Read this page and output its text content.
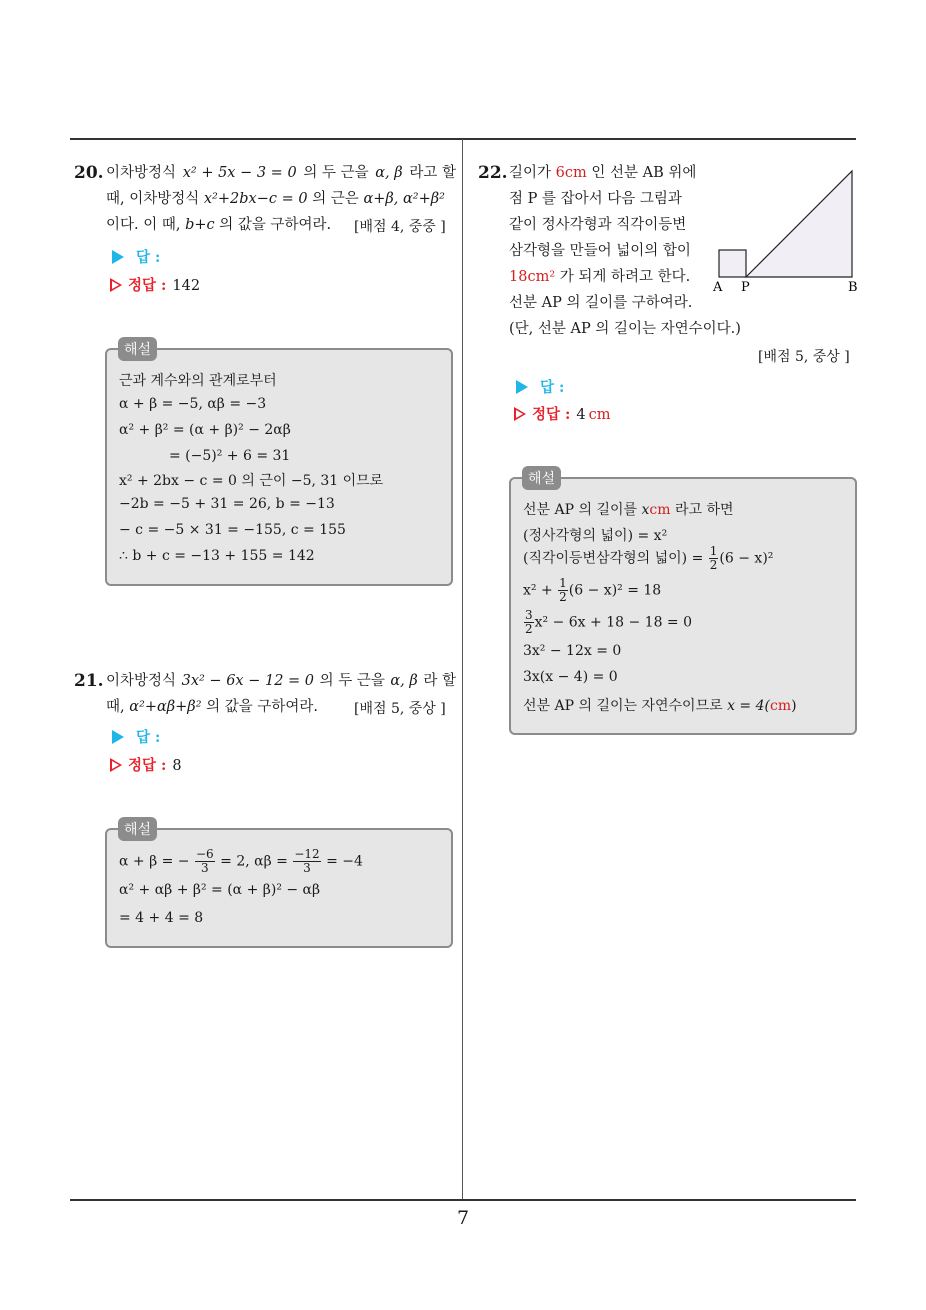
7
20. 이차방정식 x² + 5x − 3 = 0 의 두 근을 α, β 라고 할
때, 이차방정식 x²+2bx−c = 0 의 근은 α+β, α²+β²
이다. 이 때, b+c 의 값을 구하여라.	[배점 4, 중중 ]
답 :
정답 : 142
근과 계수와의 관계로부터
α + β = −5, αβ = −3
α² + β² = (α + β)² − 2αβ
= (−5)² + 6 = 31
x² + 2bx − c = 0 의 근이 −5, 31 이므로
−2b = −5 + 31 = 26, b = −13
− c = −5 × 31 = −155, c = 155
∴ b + c = −13 + 155 = 142
해설
21. 이차방정식 3x² − 6x − 12 = 0 의 두 근을 α, β 라 할
때, α²+αβ+β² 의 값을 구하여라.	[배점 5, 중상 ]
답 :
정답 : 8
α + β = − $\frac{-6}{3} = 2$, $\alpha\beta = \frac{-12}{3} = -4$
α² + αβ + β² = (α + β)² − αβ
= 4 + 4 = 8
해설
22. 길이가 6cm 인 선분 AB 위에
점 P 를 잡아서 다음 그림과
같이 정사각형과 직각이등변
삼각형을 만들어 넓이의 합이
18cm² 가 되게 하려고 한다.
선분 AP 의 길이를 구하여라.
(단, 선분 AP 의 길이는 자연수이다.)
A P	B
[배점 5, 중상 ]
답 :
정답 : 4 cm
선분 AP 의 길이를 xcm 라고 하면
(정사각형의 넓이) = x²
(직각이등변삼각형의 넓이) = $\frac{1}{2} (6 - x)^2$
$x^2 + \frac{1}{2} (6 - x)^2 = 18$
$\frac{3}{2} x^2 - 6x + 18 - 18 = 0$
3x² − 12x = 0
3x(x − 4) = 0
선분 AP 의 길이는 자연수이므로 x = 4(cm)
해설
